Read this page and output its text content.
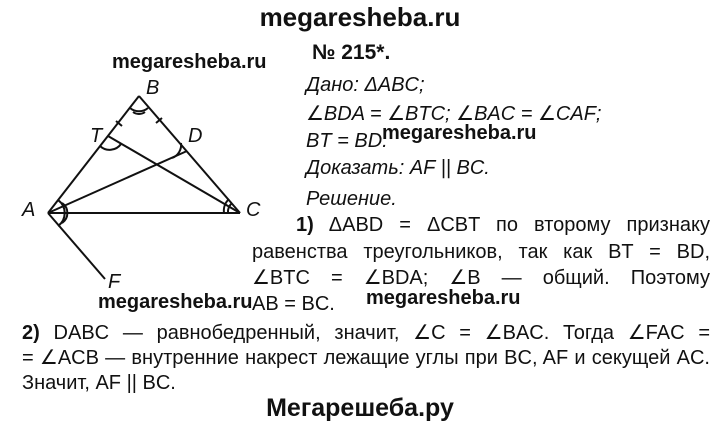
megaresheba.ru
megaresheba.ru
megaresheba.ru
megaresheba.ru	megaresheba.ru
Мегарешеба.ру
B
T	D
A	C
F
№ 215*.
Дано: ΔABC;
∠BDA = ∠BTC; ∠BAC = ∠CAF;
BT = BD.
Доказать: AF || BC.
Решение.
1) ΔABD = ΔCBT по второму признаку
равенства треугольников, так как BT = BD,
∠BTC = ∠BDA; ∠B — общий. Поэтому
AB = BC.
2) DABC — равнобедренный, значит, ∠C = ∠BAC. Тогда ∠FAC =
= ∠ACB — внутренние накрест лежащие углы при BC, AF и секущей AC.
Значит, AF || BC.
